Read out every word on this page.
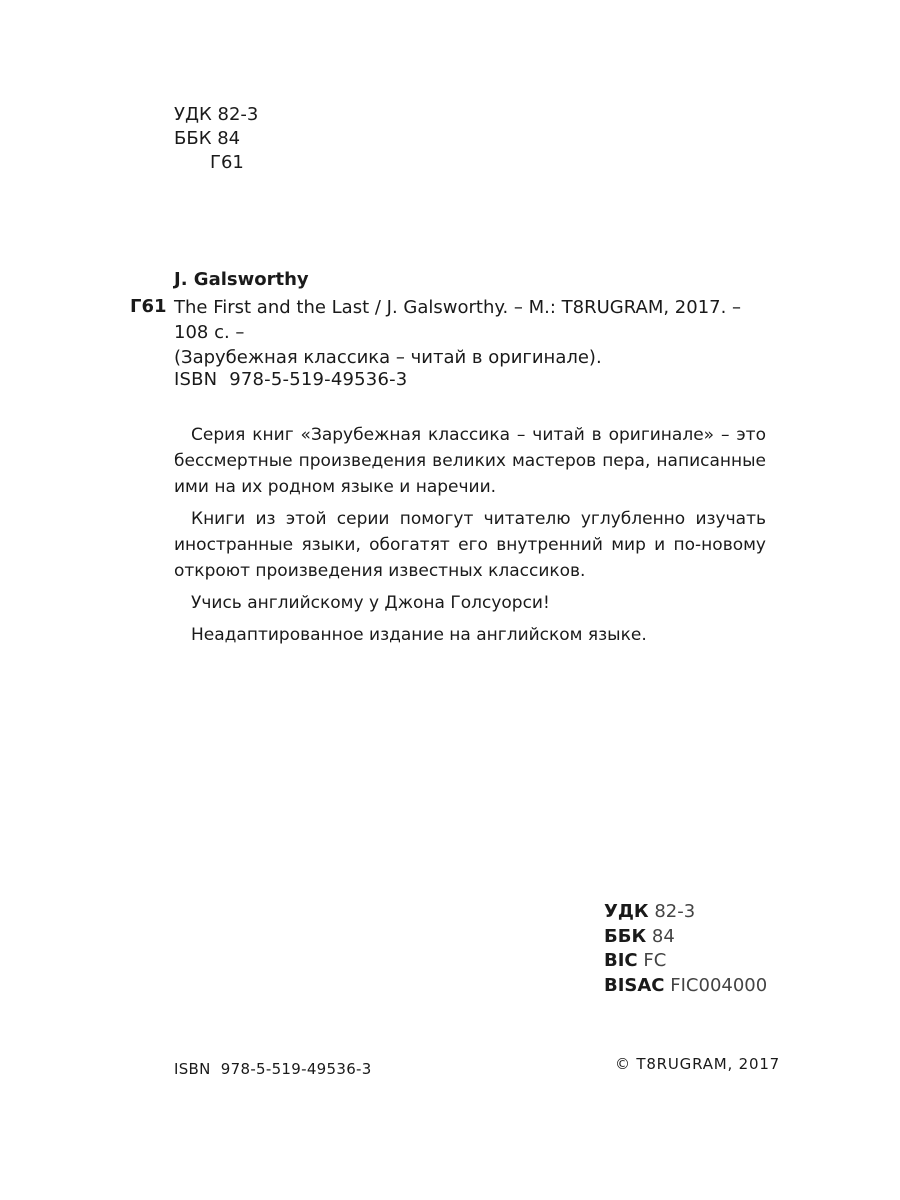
УДК 82-3
ББК 84
Г61
J. Galsworthy
Г61 The First and the Last / J. Galsworthy. – М.: T8RUGRAM, 2017. – 108 с. –
(Зарубежная классика – читай в оригинале).
ISBN  978-5-519-49536-3

Серия книг «Зарубежная классика – читай в оригинале» – это бессмертные произведения великих мастеров пера, написанные ими на их родном языке и наречии.

Книги из этой серии помогут читателю углубленно изучать иностранные языки, обогатят его внутренний мир и по-новому откроют произведения известных классиков.

Учись английскому у Джона Голсуорси!

Неадаптированное издание на английском языке.

УДК 82-3
ББК 84
BIC FC
BISAC FIC004000
ISBN  978-5-519-49536-3	© T8RUGRAM, 2017
